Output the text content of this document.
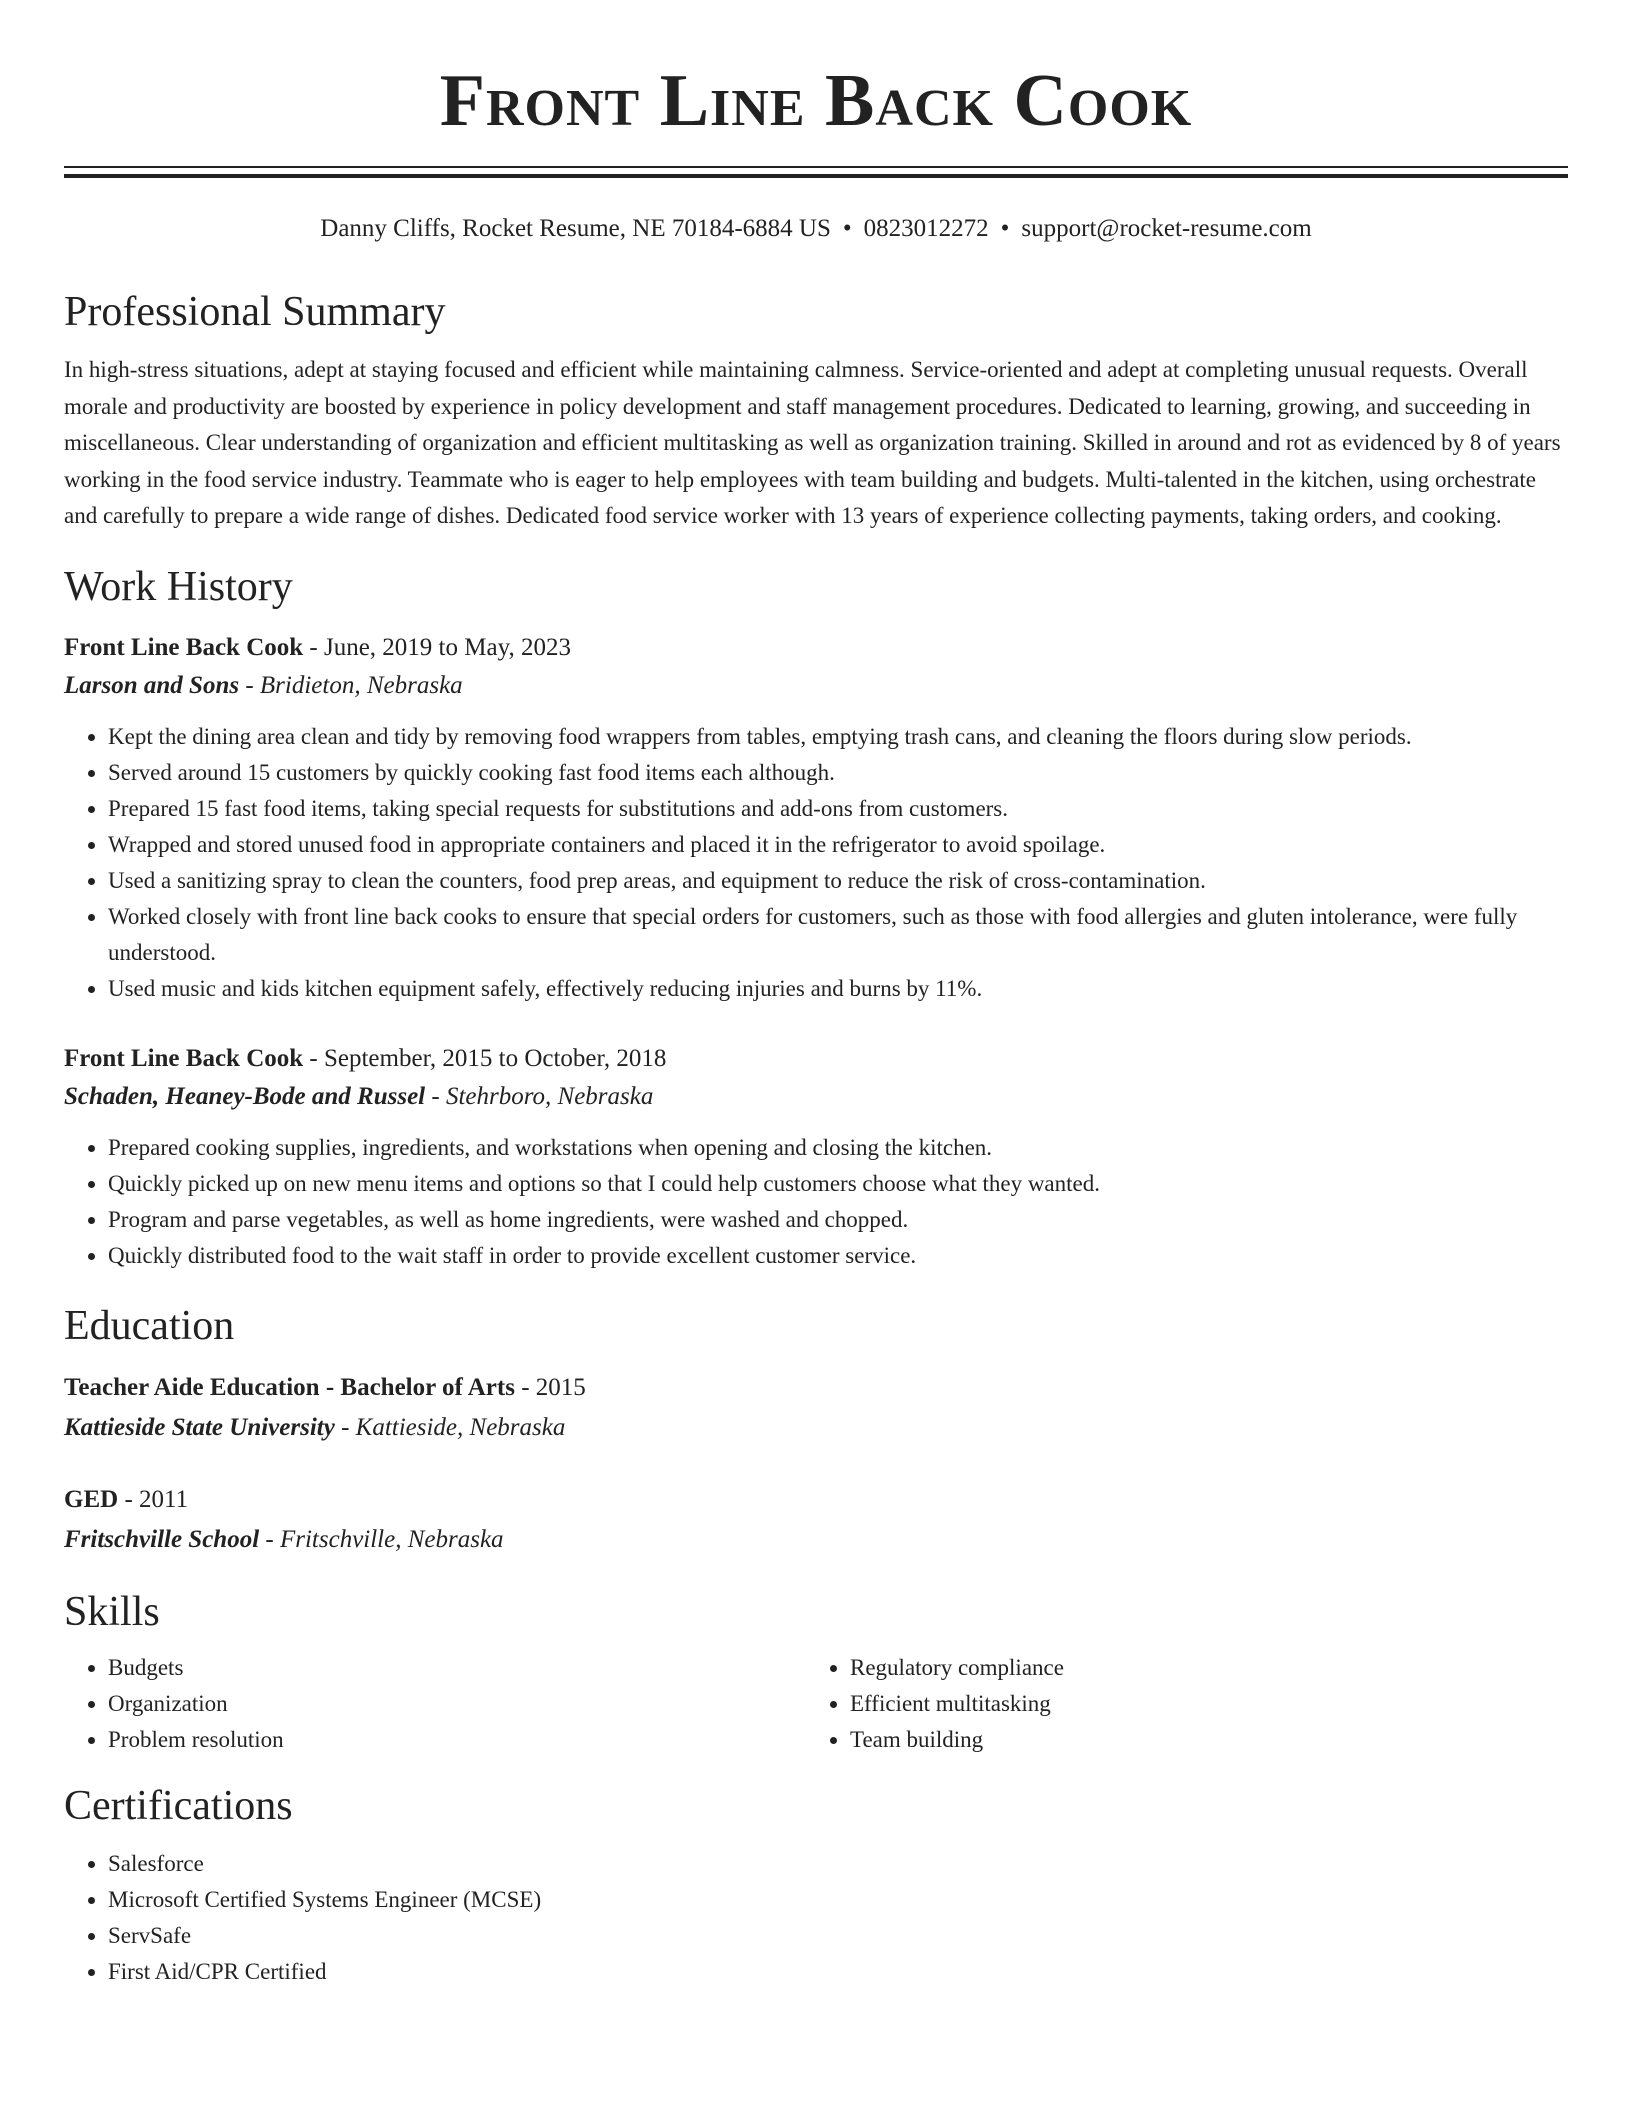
Front Line Back Cook
Danny Cliffs, Rocket Resume, NE 70184-6884 US • 0823012272 • support@rocket-resume.com
Professional Summary
In high-stress situations, adept at staying focused and efficient while maintaining calmness. Service-oriented and adept at completing unusual requests. Overall morale and productivity are boosted by experience in policy development and staff management procedures. Dedicated to learning, growing, and succeeding in miscellaneous. Clear understanding of organization and efficient multitasking as well as organization training. Skilled in around and rot as evidenced by 8 of years working in the food service industry. Teammate who is eager to help employees with team building and budgets. Multi-talented in the kitchen, using orchestrate and carefully to prepare a wide range of dishes. Dedicated food service worker with 13 years of experience collecting payments, taking orders, and cooking.
Work History
Front Line Back Cook - June, 2019 to May, 2023
Larson and Sons - Bridieton, Nebraska
• Kept the dining area clean and tidy by removing food wrappers from tables, emptying trash cans, and cleaning the floors during slow periods.
• Served around 15 customers by quickly cooking fast food items each although.
• Prepared 15 fast food items, taking special requests for substitutions and add-ons from customers.
• Wrapped and stored unused food in appropriate containers and placed it in the refrigerator to avoid spoilage.
• Used a sanitizing spray to clean the counters, food prep areas, and equipment to reduce the risk of cross-contamination.
• Worked closely with front line back cooks to ensure that special orders for customers, such as those with food allergies and gluten intolerance, were fully understood.
• Used music and kids kitchen equipment safely, effectively reducing injuries and burns by 11%.
Front Line Back Cook - September, 2015 to October, 2018
Schaden, Heaney-Bode and Russel - Stehrboro, Nebraska
• Prepared cooking supplies, ingredients, and workstations when opening and closing the kitchen.
• Quickly picked up on new menu items and options so that I could help customers choose what they wanted.
• Program and parse vegetables, as well as home ingredients, were washed and chopped.
• Quickly distributed food to the wait staff in order to provide excellent customer service.
Education
Teacher Aide Education - Bachelor of Arts - 2015
Kattieside State University - Kattieside, Nebraska
GED - 2011
Fritschville School - Fritschville, Nebraska
Skills
• Budgets
• Organization
• Problem resolution
• Regulatory compliance
• Efficient multitasking
• Team building
Certifications
• Salesforce
• Microsoft Certified Systems Engineer (MCSE)
• ServSafe
• First Aid/CPR Certified
